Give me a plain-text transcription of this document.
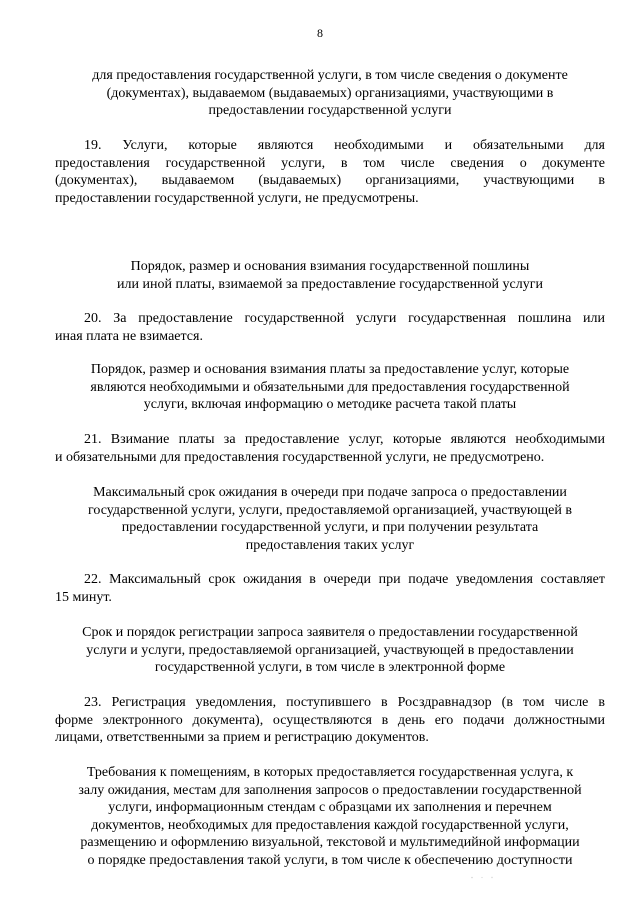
8
для предоставления государственной услуги, в том числе сведения о документе
(документах), выдаваемом (выдаваемых) организациями, участвующими в
предоставлении государственной услуги
19. Услуги, которые являются необходимыми и обязательными для
предоставления государственной услуги, в том числе сведения о документе
(документах), выдаваемом (выдаваемых) организациями, участвующими в
предоставлении государственной услуги, не предусмотрены.
Порядок, размер и основания взимания государственной пошлины
или иной платы, взимаемой за предоставление государственной услуги
20. За предоставление государственной услуги государственная пошлина или
иная плата не взимается.
Порядок, размер и основания взимания платы за предоставление услуг, которые
являются необходимыми и обязательными для предоставления государственной
услуги, включая информацию о методике расчета такой платы
21. Взимание платы за предоставление услуг, которые являются необходимыми
и обязательными для предоставления государственной услуги, не предусмотрено.
Максимальный срок ожидания в очереди при подаче запроса о предоставлении
государственной услуги, услуги, предоставляемой организацией, участвующей в
предоставлении государственной услуги, и при получении результата
предоставления таких услуг
22. Максимальный срок ожидания в очереди при подаче уведомления составляет
15 минут.
Срок и порядок регистрации запроса заявителя о предоставлении государственной
услуги и услуги, предоставляемой организацией, участвующей в предоставлении
государственной услуги, в том числе в электронной форме
23. Регистрация уведомления, поступившего в Росздравнадзор (в том числе в
форме электронного документа), осуществляются в день его подачи должностными
лицами, ответственными за прием и регистрацию документов.
Требования к помещениям, в которых предоставляется государственная услуга, к
залу ожидания, местам для заполнения запросов о предоставлении государственной
услуги, информационным стендам с образцами их заполнения и перечнем
документов, необходимых для предоставления каждой государственной услуги,
размещению и оформлению визуальной, текстовой и мультимедийной информации
о порядке предоставления такой услуги, в том числе к обеспечению доступности
